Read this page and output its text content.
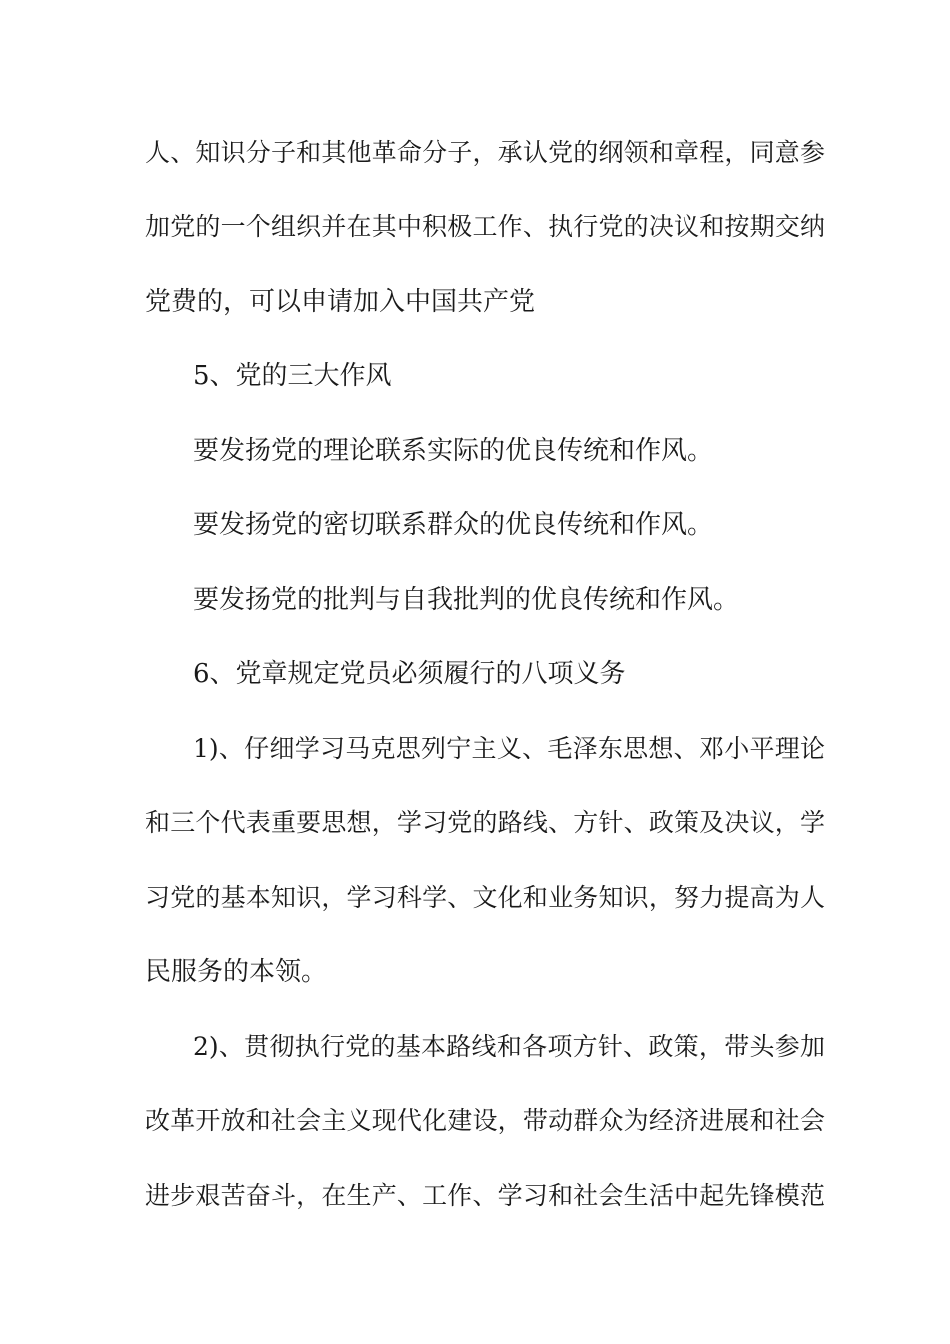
人、知识分子和其他革命分子，承认党的纲领和章程，同意参
加党的一个组织并在其中积极工作、执行党的决议和按期交纳
党费的，可以申请加入中国共产党
5、党的三大作风
要发扬党的理论联系实际的优良传统和作风。
要发扬党的密切联系群众的优良传统和作风。
要发扬党的批判与自我批判的优良传统和作风。
6、党章规定党员必须履行的八项义务
1)、仔细学习马克思列宁主义、毛泽东思想、邓小平理论
和三个代表重要思想，学习党的路线、方针、政策及决议，学
习党的基本知识，学习科学、文化和业务知识，努力提高为人
民服务的本领。
2)、贯彻执行党的基本路线和各项方针、政策，带头参加
改革开放和社会主义现代化建设，带动群众为经济进展和社会
进步艰苦奋斗，在生产、工作、学习和社会生活中起先锋模范
